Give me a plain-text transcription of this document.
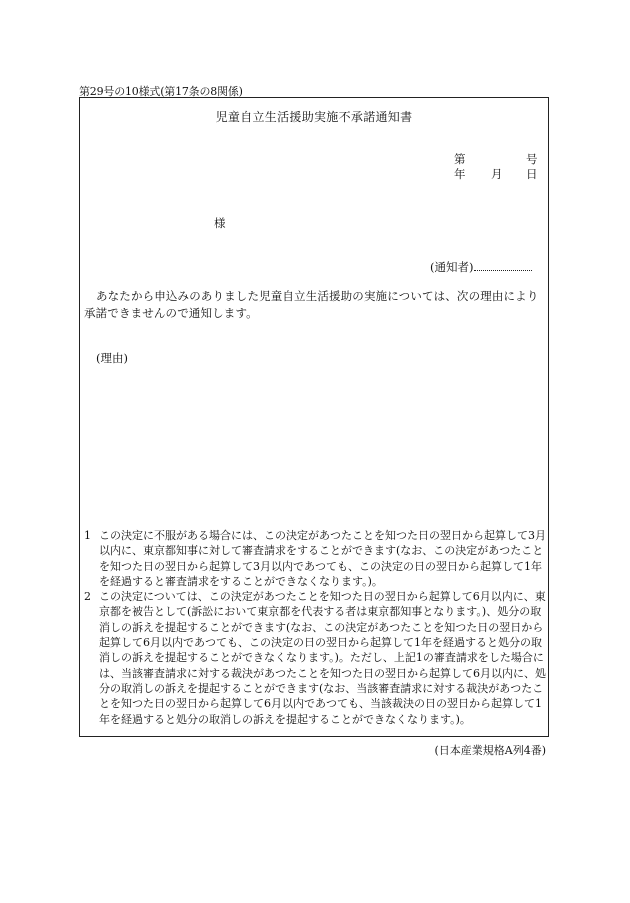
第29号の10様式(第17条の8関係)
児童自立生活援助実施不承諾通知書
第	号
年 月 日
様
(通知者)
あなたから申込みのありました児童自立生活援助の実施については、次の理由により承諾できませんので通知します。
(理由)
1 この決定に不服がある場合には、この決定があつたことを知つた日の翌日から起算して3月以内に、東京都知事に対して審査請求をすることができます(なお、この決定があつたことを知つた日の翌日から起算して3月以内であつても、この決定の日の翌日から起算して1年を経過すると審査請求をすることができなくなります。)。
2 この決定については、この決定があつたことを知つた日の翌日から起算して6月以内に、東京都を被告として(訴訟において東京都を代表する者は東京都知事となります。)、処分の取消しの訴えを提起することができます(なお、この決定があつたことを知つた日の翌日から起算して6月以内であつても、この決定の日の翌日から起算して1年を経過すると処分の取消しの訴えを提起することができなくなります。)。ただし、上記1の審査請求をした場合には、当該審査請求に対する裁決があつたことを知つた日の翌日から起算して6月以内に、処分の取消しの訴えを提起することができます(なお、当該審査請求に対する裁決があつたことを知つた日の翌日から起算して6月以内であつても、当該裁決の日の翌日から起算して1年を経過すると処分の取消しの訴えを提起することができなくなります。)。
(日本産業規格A列4番)
